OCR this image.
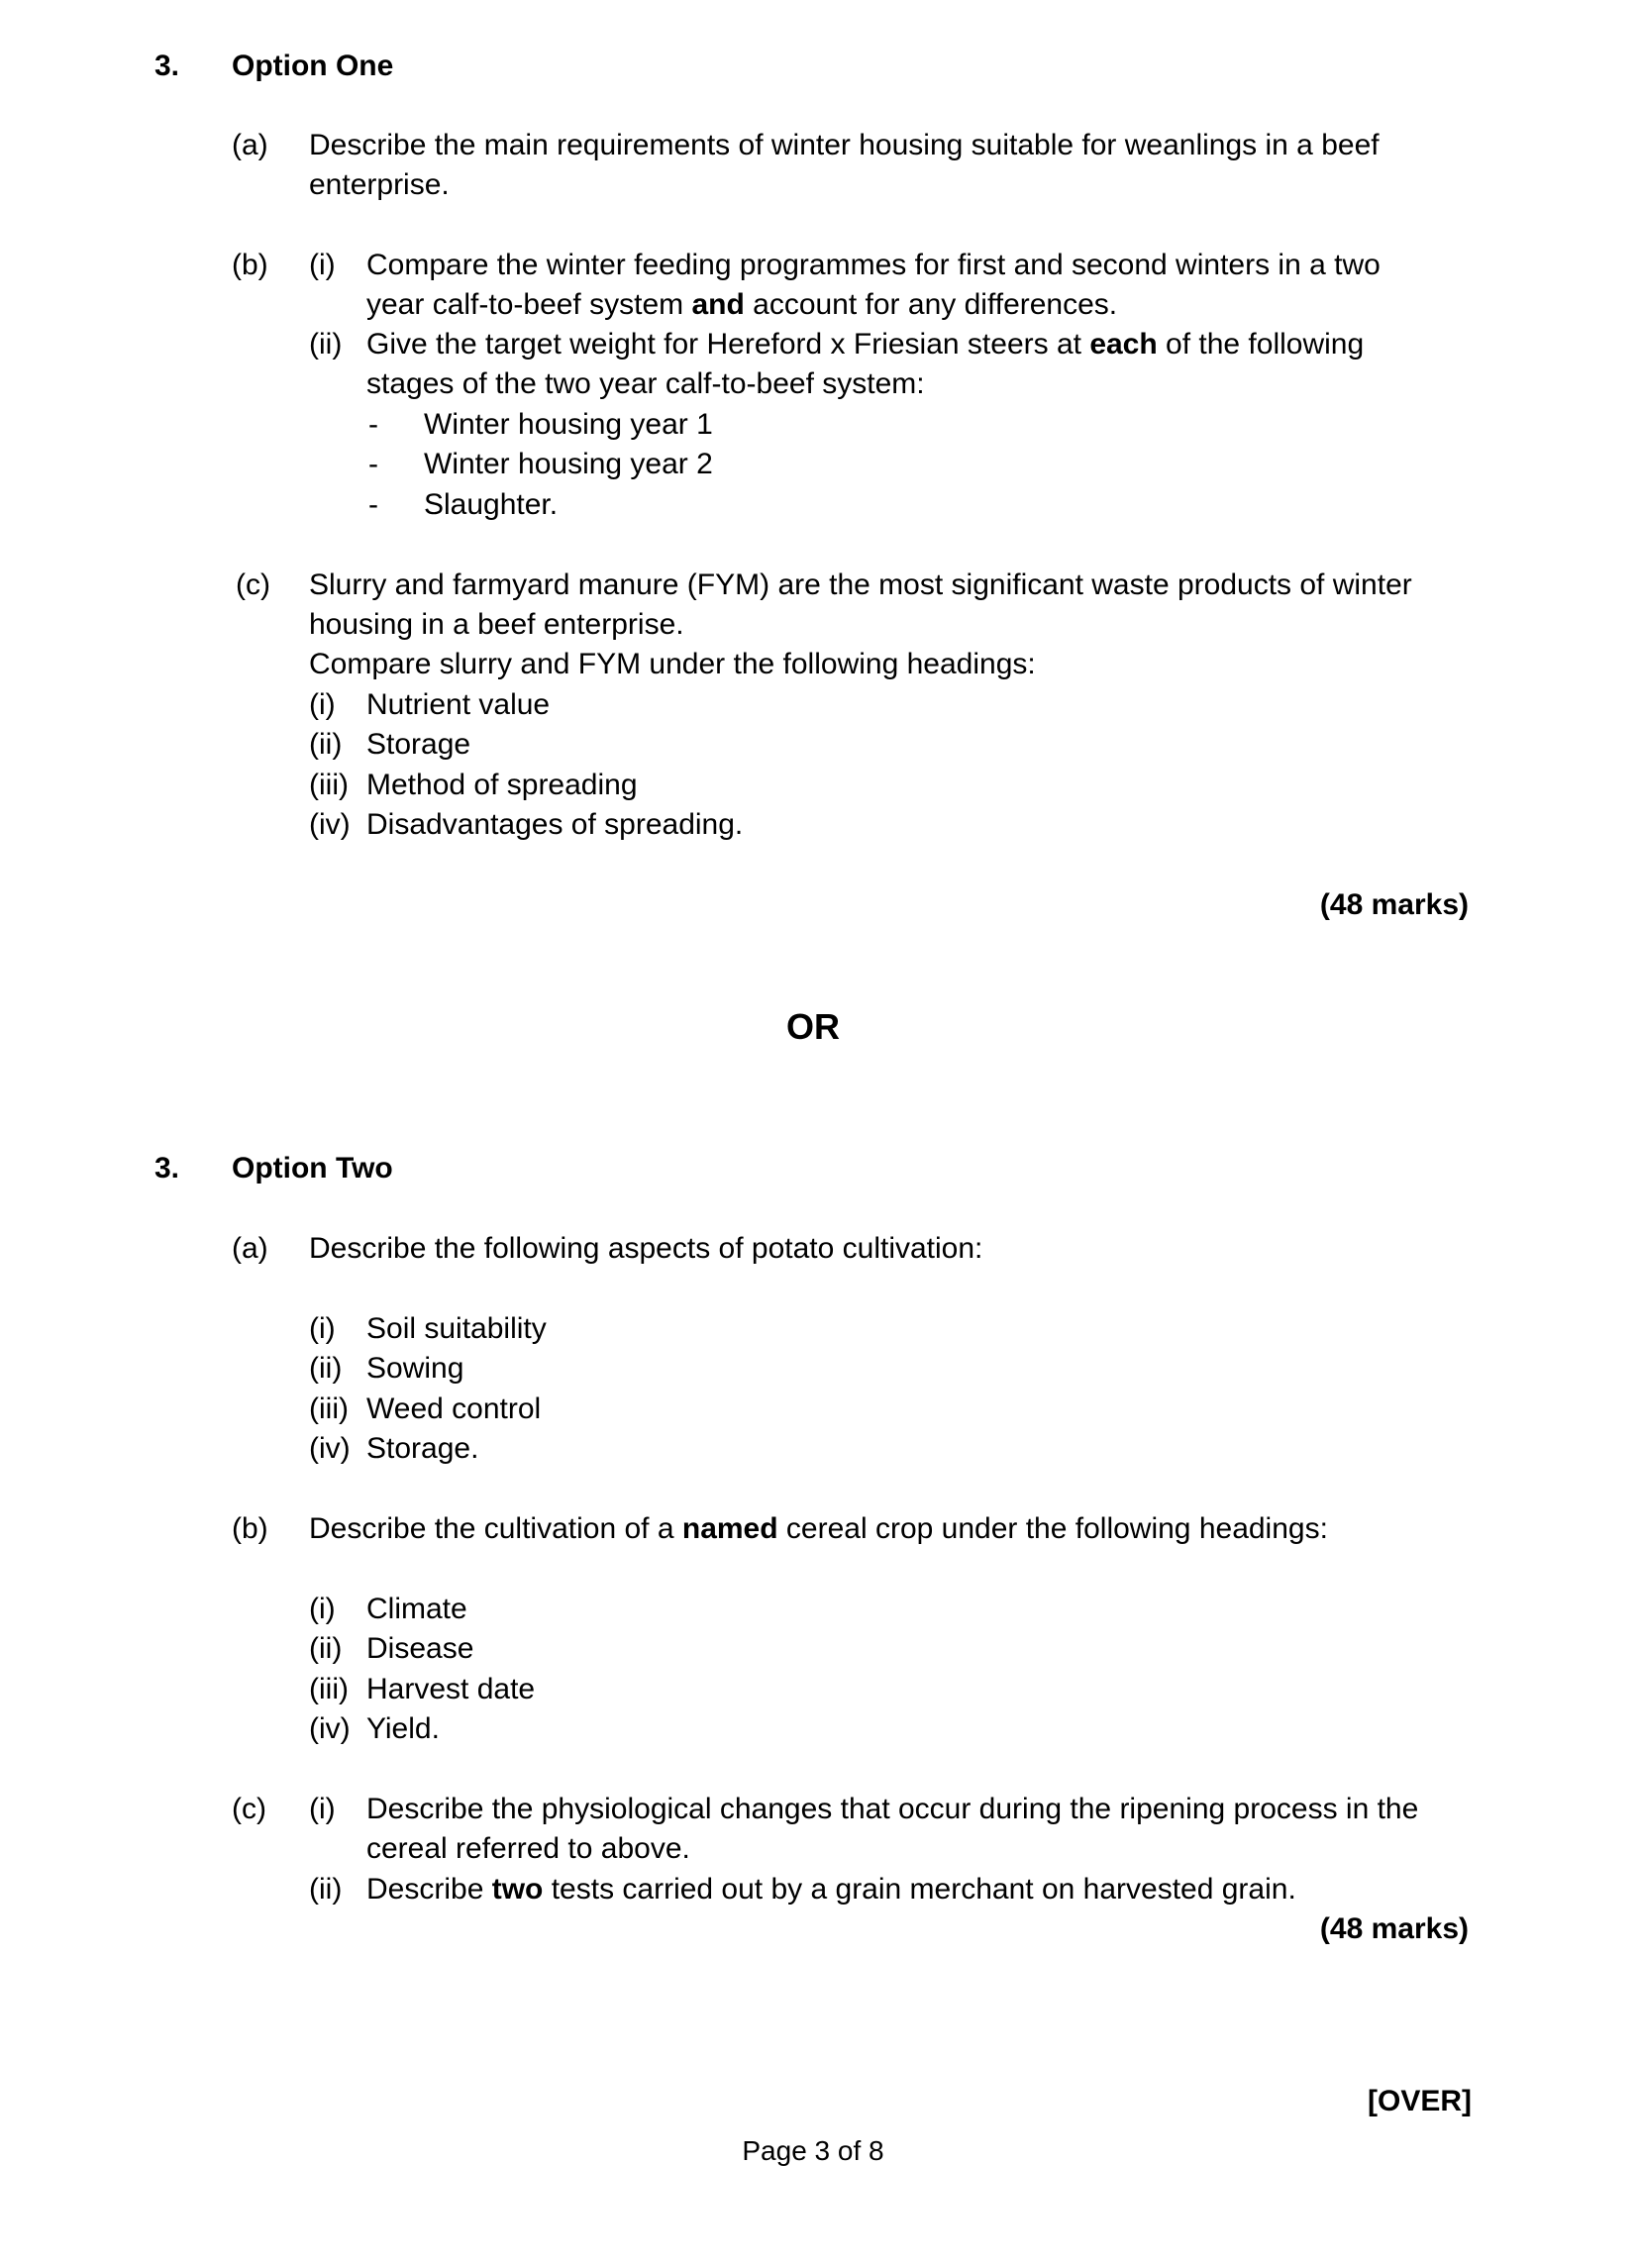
3. Option One
(a) Describe the main requirements of winter housing suitable for weanlings in a beef
enterprise.
(b) (i) Compare the winter feeding programmes for first and second winters in a two
year calf-to-beef system and account for any differences.
(ii) Give the target weight for Hereford x Friesian steers at each of the following
stages of the two year calf-to-beef system:
- Winter housing year 1
- Winter housing year 2
- Slaughter.
(c) Slurry and farmyard manure (FYM) are the most significant waste products of winter
housing in a beef enterprise.
Compare slurry and FYM under the following headings:
(i) Nutrient value
(ii) Storage
(iii) Method of spreading
(iv) Disadvantages of spreading.
(48 marks)
OR
3. Option Two
(a) Describe the following aspects of potato cultivation:
(i) Soil suitability
(ii) Sowing
(iii) Weed control
(iv) Storage.
(b) Describe the cultivation of a named cereal crop under the following headings:
(i) Climate
(ii) Disease
(iii) Harvest date
(iv) Yield.
(c) (i) Describe the physiological changes that occur during the ripening process in the
cereal referred to above.
(ii) Describe two tests carried out by a grain merchant on harvested grain.
(48 marks)
[OVER]
Page 3 of 8
